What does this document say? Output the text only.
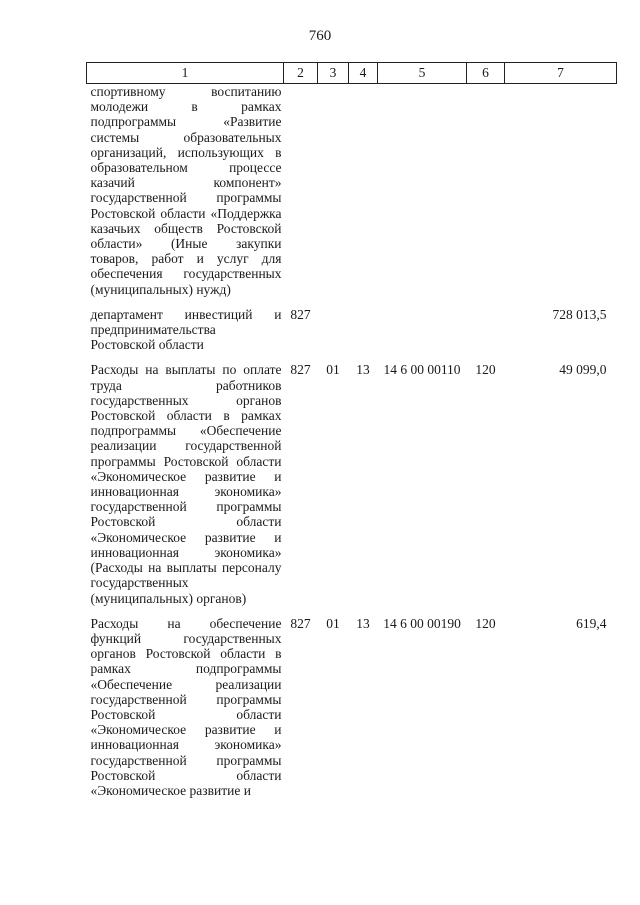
760
1	2	3	4	5	6	7
спортивному воспитанию молодежи в рамках подпрограммы «Развитие системы образовательных организаций, использующих в образовательном процессе казачий компонент» государственной программы Ростовской области «Поддержка казачьих обществ Ростовской области» (Иные закупки товаров, работ и услуг для обеспечения государственных (муниципальных) нужд)						
департамент инвестиций и предпринимательства Ростовской области	827					728 013,5
Расходы на выплаты по оплате труда работников государственных органов Ростовской области в рамках подпрограммы «Обеспечение реализации государственной программы Ростовской области «Экономическое развитие и инновационная экономика» государственной программы Ростовской области «Экономическое развитие и инновационная экономика» (Расходы на выплаты персоналу государственных (муниципальных) органов)	827	01	13	14 6 00 00110	120	49 099,0
Расходы на обеспечение функций государственных органов Ростовской области в рамках подпрограммы «Обеспечение реализации государственной программы Ростовской области «Экономическое развитие и инновационная экономика» государственной программы Ростовской области «Экономическое развитие и	827	01	13	14 6 00 00190	120	619,4
